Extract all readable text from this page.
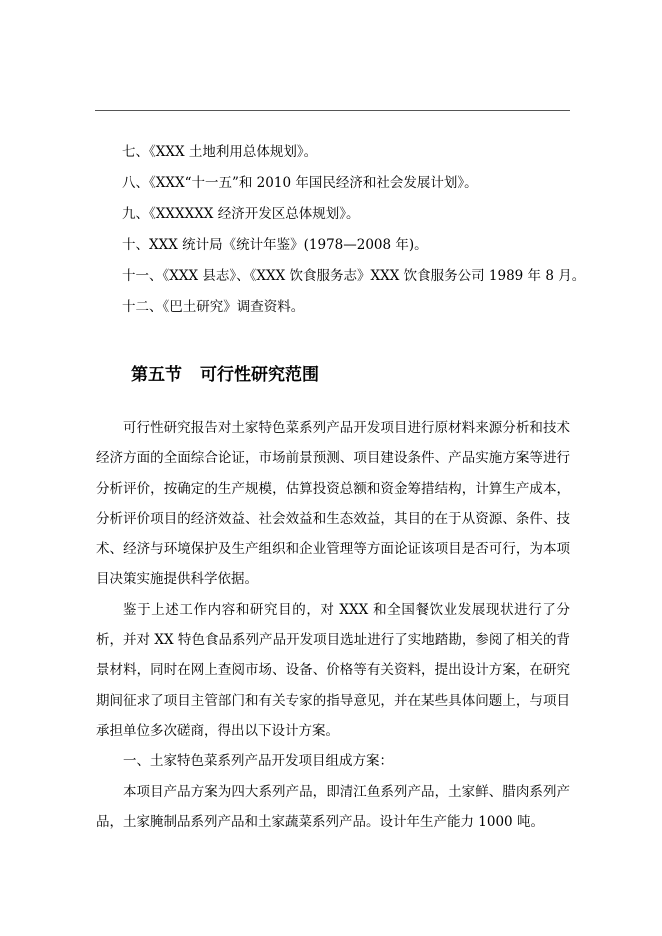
七、《XXX 土地利用总体规划》。
八、《XXX“十一五”和 2010 年国民经济和社会发展计划》。
九、《XXXXXX 经济开发区总体规划》。
十、XXX 统计局《统计年鉴》(1978—2008 年)。
十一、《XXX 县志》、《XXX 饮食服务志》XXX 饮食服务公司 1989 年 8 月。
十二、《巴土研究》调查资料。
第五节 可行性研究范围

可行性研究报告对土家特色菜系列产品开发项目进行原材料来源分析和技术经济方面的全面综合论证，市场前景预测、项目建设条件、产品实施方案等进行分析评价，按确定的生产规模，估算投资总额和资金筹措结构，计算生产成本，分析评价项目的经济效益、社会效益和生态效益，其目的在于从资源、条件、技术、经济与环境保护及生产组织和企业管理等方面论证该项目是否可行，为本项目决策实施提供科学依据。

鉴于上述工作内容和研究目的，对 XXX 和全国餐饮业发展现状进行了分析，并对 XX 特色食品系列产品开发项目选址进行了实地踏勘，参阅了相关的背景材料，同时在网上查阅市场、设备、价格等有关资料，提出设计方案，在研究期间征求了项目主管部门和有关专家的指导意见，并在某些具体问题上，与项目承担单位多次磋商，得出以下设计方案。

一、土家特色菜系列产品开发项目组成方案：

本项目产品方案为四大系列产品，即清江鱼系列产品，土家鲜、腊肉系列产品，土家腌制品系列产品和土家蔬菜系列产品。设计年生产能力 1000 吨。
